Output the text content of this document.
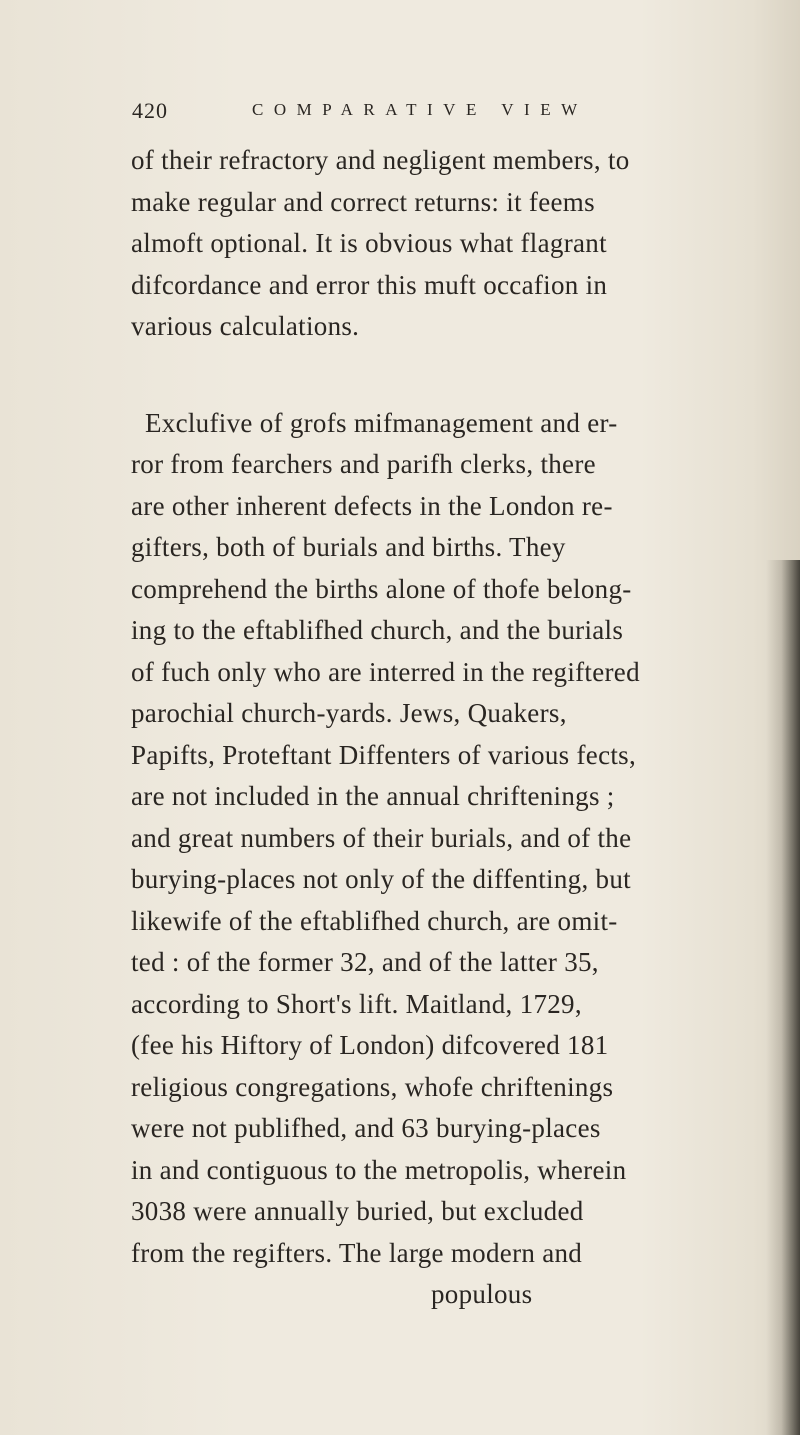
420	COMPARATIVE VIEW
of their refractory and negligent members, to
make regular and correct returns: it feems
almoft optional. It is obvious what flagrant
difcordance and error this muft occafion in
various calculations.
Exclufive of grofs mifmanagement and er-
ror from fearchers and parifh clerks, there
are other inherent defects in the London re-
gifters, both of burials and births. They
comprehend the births alone of thofe belong-
ing to the eftablifhed church, and the burials
of fuch only who are interred in the regiftered
parochial church-yards. Jews, Quakers,
Papifts, Proteftant Diffenters of various fects,
are not included in the annual chriftenings ;
and great numbers of their burials, and of the
burying-places not only of the diffenting, but
likewife of the eftablifhed church, are omit-
ted : of the former 32, and of the latter 35,
according to Short's lift. Maitland, 1729,
(fee his Hiftory of London) difcovered 181
religious congregations, whofe chriftenings
were not publifhed, and 63 burying-places
in and contiguous to the metropolis, wherein
3038 were annually buried, but excluded
from the regifters. The large modern and
populous
